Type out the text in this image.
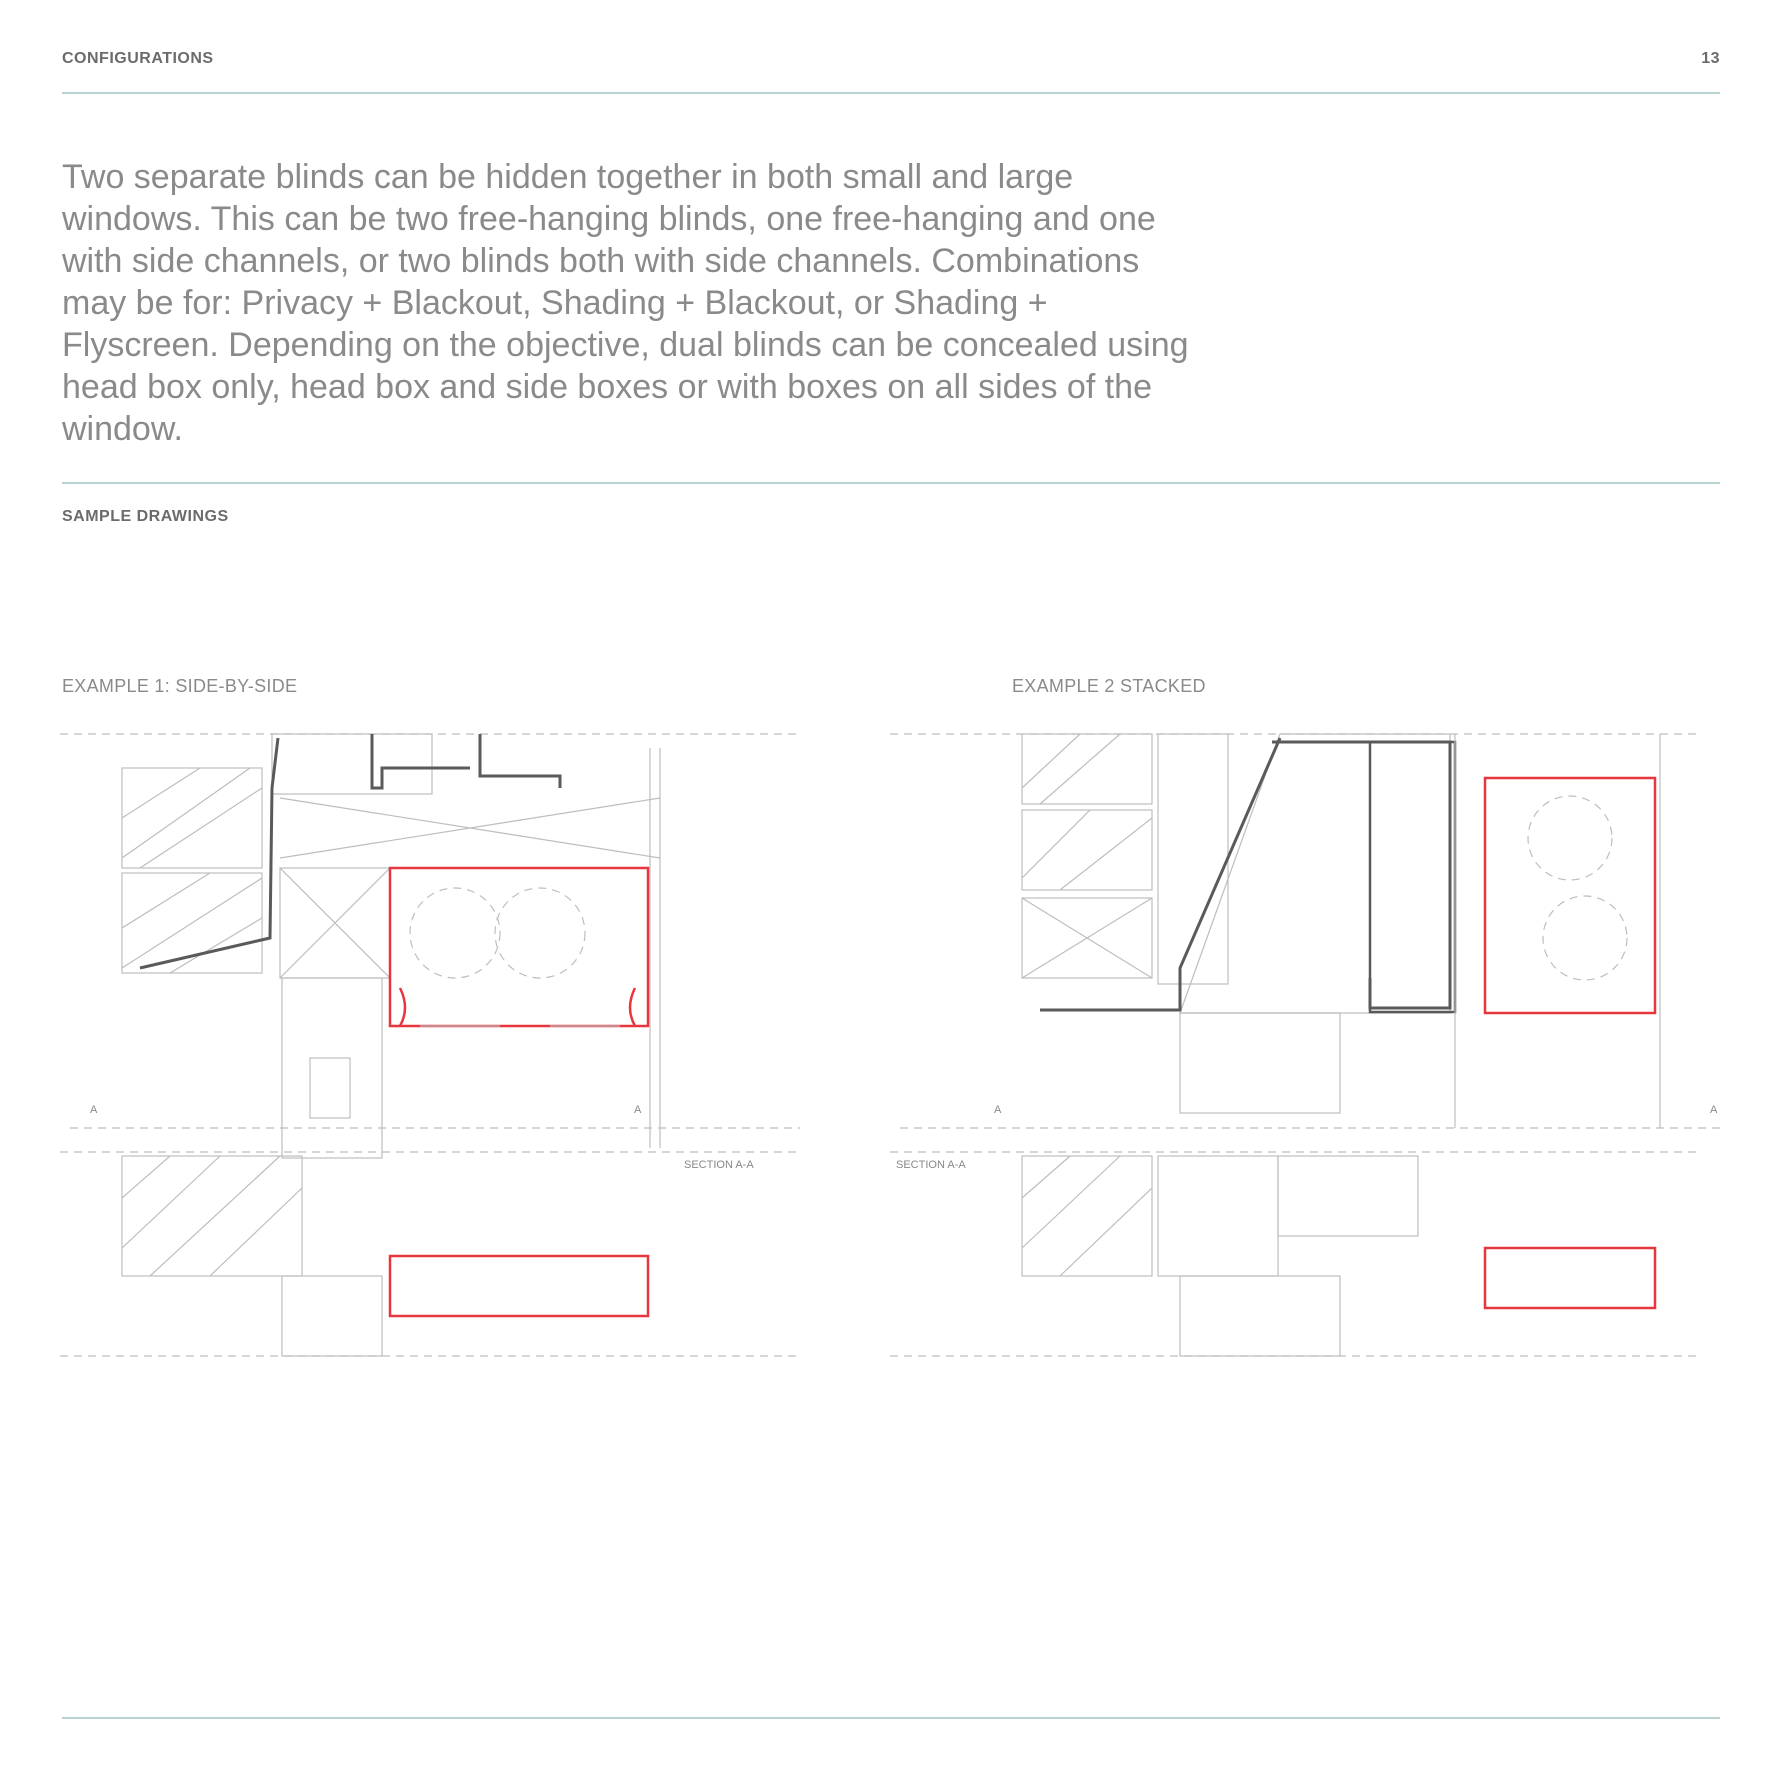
CONFIGURATIONS	13

Two separate blinds can be hidden together in both small and large windows. This can be two free-hanging blinds, one free-hanging and one with side channels, or two blinds both with side channels. Combinations may be for: Privacy + Blackout, Shading + Blackout, or Shading + Flyscreen. Depending on the objective, dual blinds can be concealed using head box only, head box and side boxes or with boxes on all sides of the window.

SAMPLE DRAWINGS
EXAMPLE 1: SIDE-BY-SIDE	EXAMPLE 2 STACKED
A	A
SECTION A-A
A	A
SECTION A-A
